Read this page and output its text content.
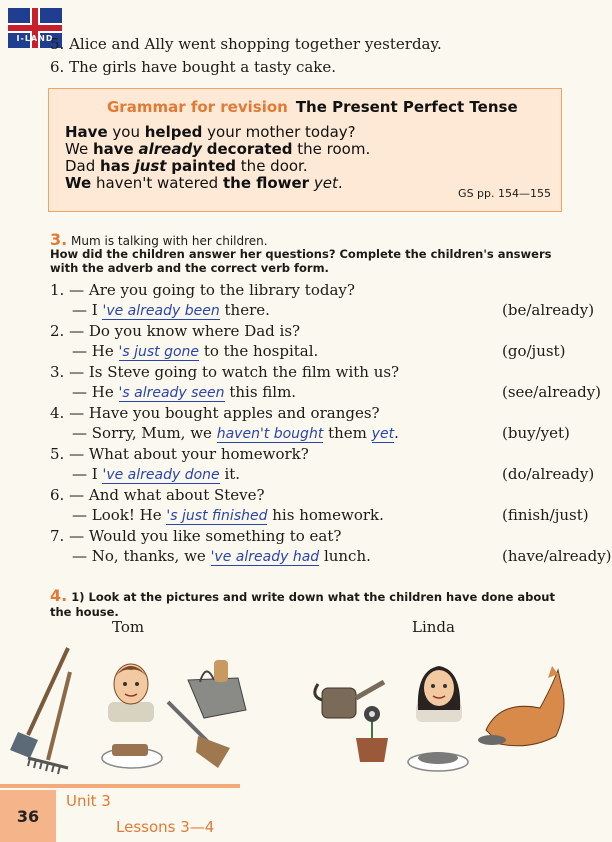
I-LAND
5. Alice and Ally went shopping together yesterday.
6. The girls have bought a tasty cake.
Grammar for revision The Present Perfect Tense
Have you helped your mother today?
We have already decorated the room.
Dad has just painted the door.
We haven't watered the flower yet.
GS pp. 154—155
3. Mum is talking with her children.
How did the children answer her questions? Complete the children's answers with the adverb and the correct verb form.
1. — Are you going to the library today?
— I 've already been there.	(be/already)
2. — Do you know where Dad is?
— He 's just gone to the hospital.	(go/just)
3. — Is Steve going to watch the film with us?
— He 's already seen this film.	(see/already)
4. — Have you bought apples and oranges?
— Sorry, Mum, we haven't bought them yet.	(buy/yet)
5. — What about your homework?
— I 've already done it.	(do/already)
6. — And what about Steve?
— Look! He 's just finished his homework.	(finish/just)
7. — Would you like something to eat?
— No, thanks, we 've already had lunch.	(have/already)
4. 1) Look at the pictures and write down what the children have done about the house.
Tom	Linda
36
Unit 3
Lessons 3—4
